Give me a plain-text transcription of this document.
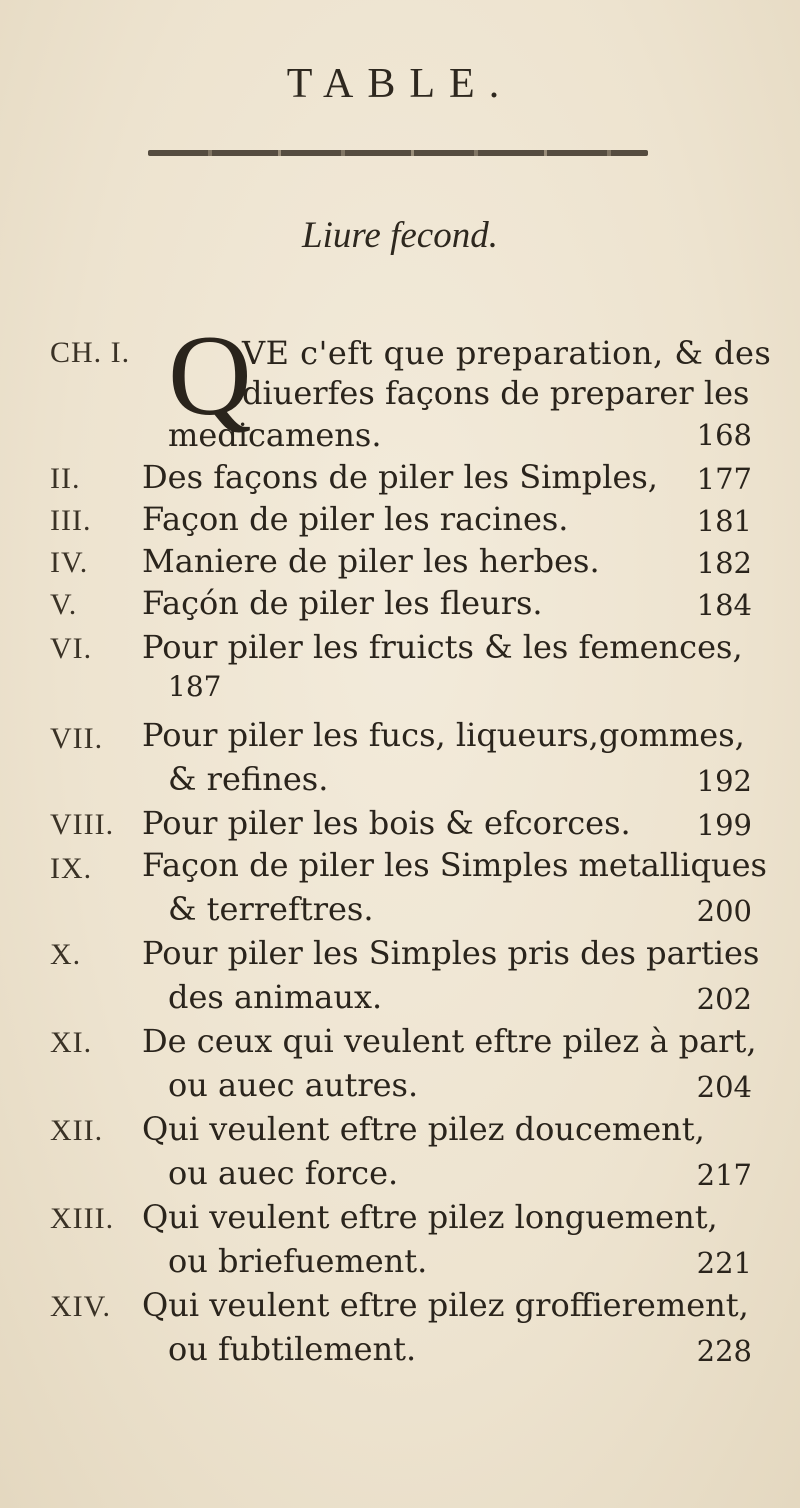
TABLE.
Liure fecond.
CH. I. Q
VE c'eft que preparation, & des
diuerfes façons de preparer les
medicamens.	168
II. Des façons de piler les Simples, 177
III. Façon de piler les racines.	181
IV. Maniere de piler les herbes.	182
V. Façón de piler les fleurs.	184
VI. Pour piler les fruicts & les femences,
187
VII. Pour piler les fucs, liqueurs,gommes,
& refines.	192
VIII. Pour piler les bois & efcorces. 199
IX. Façon de piler les Simples metalliques
& terreftres.	200
X. Pour piler les Simples pris des parties
des animaux.	202
XI. De ceux qui veulent eftre pilez à part,
ou auec autres.	204
XII. Qui veulent eftre pilez doucement,
ou auec force.	217
XIII. Qui veulent eftre pilez longuement,
ou briefuement.	221
XIV. Qui veulent eftre pilez groffierement,
ou fubtilement.	228
